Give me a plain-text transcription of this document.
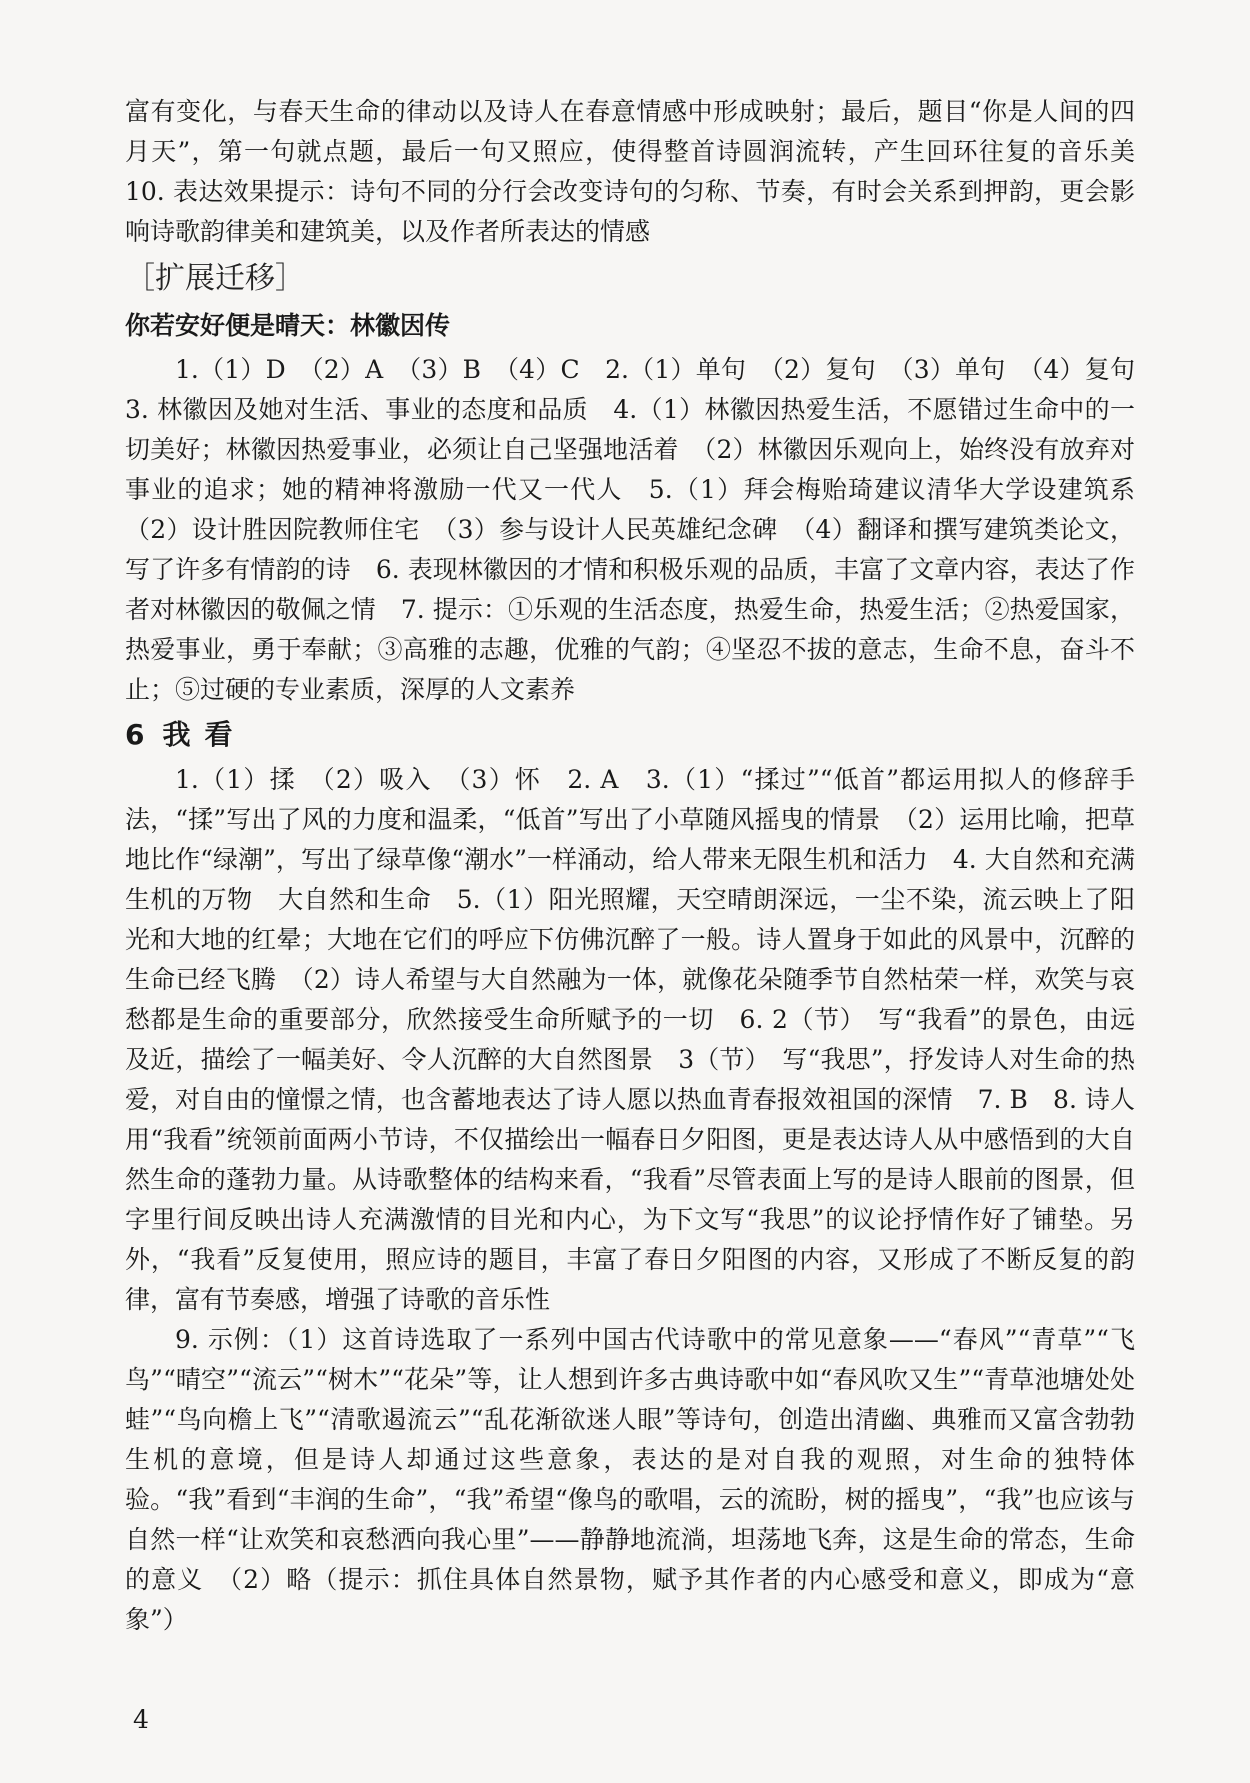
富有变化，与春天生命的律动以及诗人在春意情感中形成映射；最后，题目“你是人间的四月天”，第一句就点题，最后一句又照应，使得整首诗圆润流转，产生回环往复的音乐美　10. 表达效果提示：诗句不同的分行会改变诗句的匀称、节奏，有时会关系到押韵，更会影响诗歌韵律美和建筑美，以及作者所表达的情感

［扩展迁移］
你若安好便是晴天：林徽因传

1.（1）D　（2）A　（3）B　（4）C　2.（1）单句　（2）复句　（3）单句　（4）复句　3. 林徽因及她对生活、事业的态度和品质　4.（1）林徽因热爱生活，不愿错过生命中的一切美好；林徽因热爱事业，必须让自己坚强地活着　（2）林徽因乐观向上，始终没有放弃对事业的追求；她的精神将激励一代又一代人　5.（1）拜会梅贻琦建议清华大学设建筑系　（2）设计胜因院教师住宅　（3）参与设计人民英雄纪念碑　（4）翻译和撰写建筑类论文，写了许多有情韵的诗　6. 表现林徽因的才情和积极乐观的品质，丰富了文章内容，表达了作者对林徽因的敬佩之情　7. 提示：①乐观的生活态度，热爱生命，热爱生活；②热爱国家，热爱事业，勇于奉献；③高雅的志趣，优雅的气韵；④坚忍不拔的意志，生命不息，奋斗不止；⑤过硬的专业素质，深厚的人文素养

6 我看

1.（1）揉　（2）吸入　（3）怀　2. A　3.（1）“揉过”“低首”都运用拟人的修辞手法，“揉”写出了风的力度和温柔，“低首”写出了小草随风摇曳的情景　（2）运用比喻，把草地比作“绿潮”，写出了绿草像“潮水”一样涌动，给人带来无限生机和活力　4. 大自然和充满生机的万物　大自然和生命　5.（1）阳光照耀，天空晴朗深远，一尘不染，流云映上了阳光和大地的红晕；大地在它们的呼应下仿佛沉醉了一般。诗人置身于如此的风景中，沉醉的生命已经飞腾　（2）诗人希望与大自然融为一体，就像花朵随季节自然枯荣一样，欢笑与哀愁都是生命的重要部分，欣然接受生命所赋予的一切　6. 2（节）　写“我看”的景色，由远及近，描绘了一幅美好、令人沉醉的大自然图景　3（节）　写“我思”，抒发诗人对生命的热爱，对自由的憧憬之情，也含蓄地表达了诗人愿以热血青春报效祖国的深情　7. B　8. 诗人用“我看”统领前面两小节诗，不仅描绘出一幅春日夕阳图，更是表达诗人从中感悟到的大自然生命的蓬勃力量。从诗歌整体的结构来看，“我看”尽管表面上写的是诗人眼前的图景，但字里行间反映出诗人充满激情的目光和内心，为下文写“我思”的议论抒情作好了铺垫。另外，“我看”反复使用，照应诗的题目，丰富了春日夕阳图的内容，又形成了不断反复的韵律，富有节奏感，增强了诗歌的音乐性

9. 示例：（1）这首诗选取了一系列中国古代诗歌中的常见意象——“春风”“青草”“飞鸟”“晴空”“流云”“树木”“花朵”等，让人想到许多古典诗歌中如“春风吹又生”“青草池塘处处蛙”“鸟向檐上飞”“清歌遏流云”“乱花渐欲迷人眼”等诗句，创造出清幽、典雅而又富含勃勃生机的意境，但是诗人却通过这些意象，表达的是对自我的观照，对生命的独特体验。“我”看到“丰润的生命”，“我”希望“像鸟的歌唱，云的流盼，树的摇曳”，“我”也应该与自然一样“让欢笑和哀愁洒向我心里”——静静地流淌，坦荡地飞奔，这是生命的常态，生命的意义　（2）略（提示：抓住具体自然景物，赋予其作者的内心感受和意义，即成为“意象”）

4
